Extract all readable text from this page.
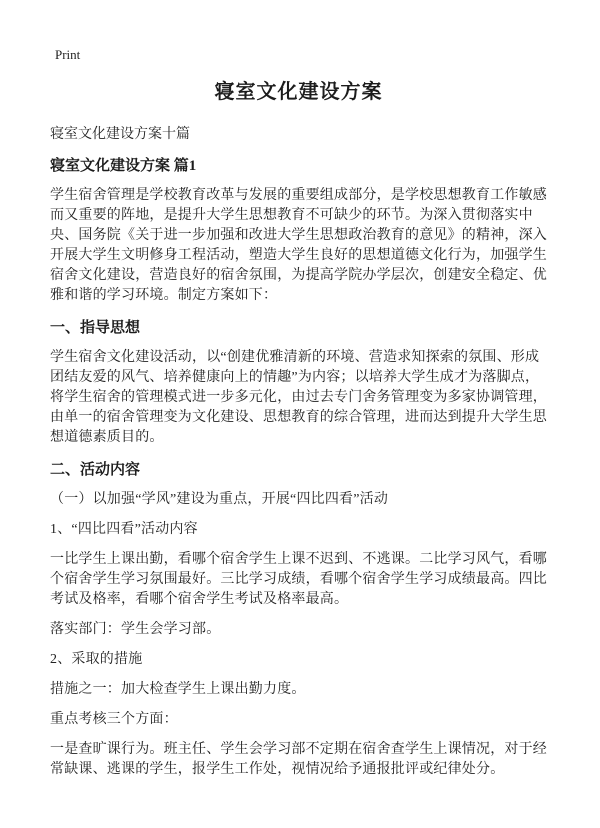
Print
寝室文化建设方案

寝室文化建设方案十篇

寝室文化建设方案 篇1

学生宿舍管理是学校教育改革与发展的重要组成部分，是学校思想教育工作敏感而又重要的阵地，是提升大学生思想教育不可缺少的环节。为深入贯彻落实中央、国务院《关于进一步加强和改进大学生思想政治教育的意见》的精神，深入开展大学生文明修身工程活动，塑造大学生良好的思想道德文化行为，加强学生宿舍文化建设，营造良好的宿舍氛围，为提高学院办学层次，创建安全稳定、优雅和谐的学习环境。制定方案如下：

一、指导思想

学生宿舍文化建设活动，以“创建优雅清新的环境、营造求知探索的氛围、形成团结友爱的风气、培养健康向上的情趣”为内容；以培养大学生成才为落脚点，将学生宿舍的管理模式进一步多元化，由过去专门舍务管理变为多家协调管理，由单一的宿舍管理变为文化建设、思想教育的综合管理，进而达到提升大学生思想道德素质目的。

二、活动内容

（一）以加强“学风”建设为重点，开展“四比四看”活动

1、“四比四看”活动内容

一比学生上课出勤，看哪个宿舍学生上课不迟到、不逃课。二比学习风气，看哪个宿舍学生学习氛围最好。三比学习成绩，看哪个宿舍学生学习成绩最高。四比考试及格率，看哪个宿舍学生考试及格率最高。

落实部门：学生会学习部。

2、采取的措施

措施之一：加大检查学生上课出勤力度。

重点考核三个方面：

一是查旷课行为。班主任、学生会学习部不定期在宿舍查学生上课情况，对于经常缺课、逃课的学生，报学生工作处，视情况给予通报批评或纪律处分。
